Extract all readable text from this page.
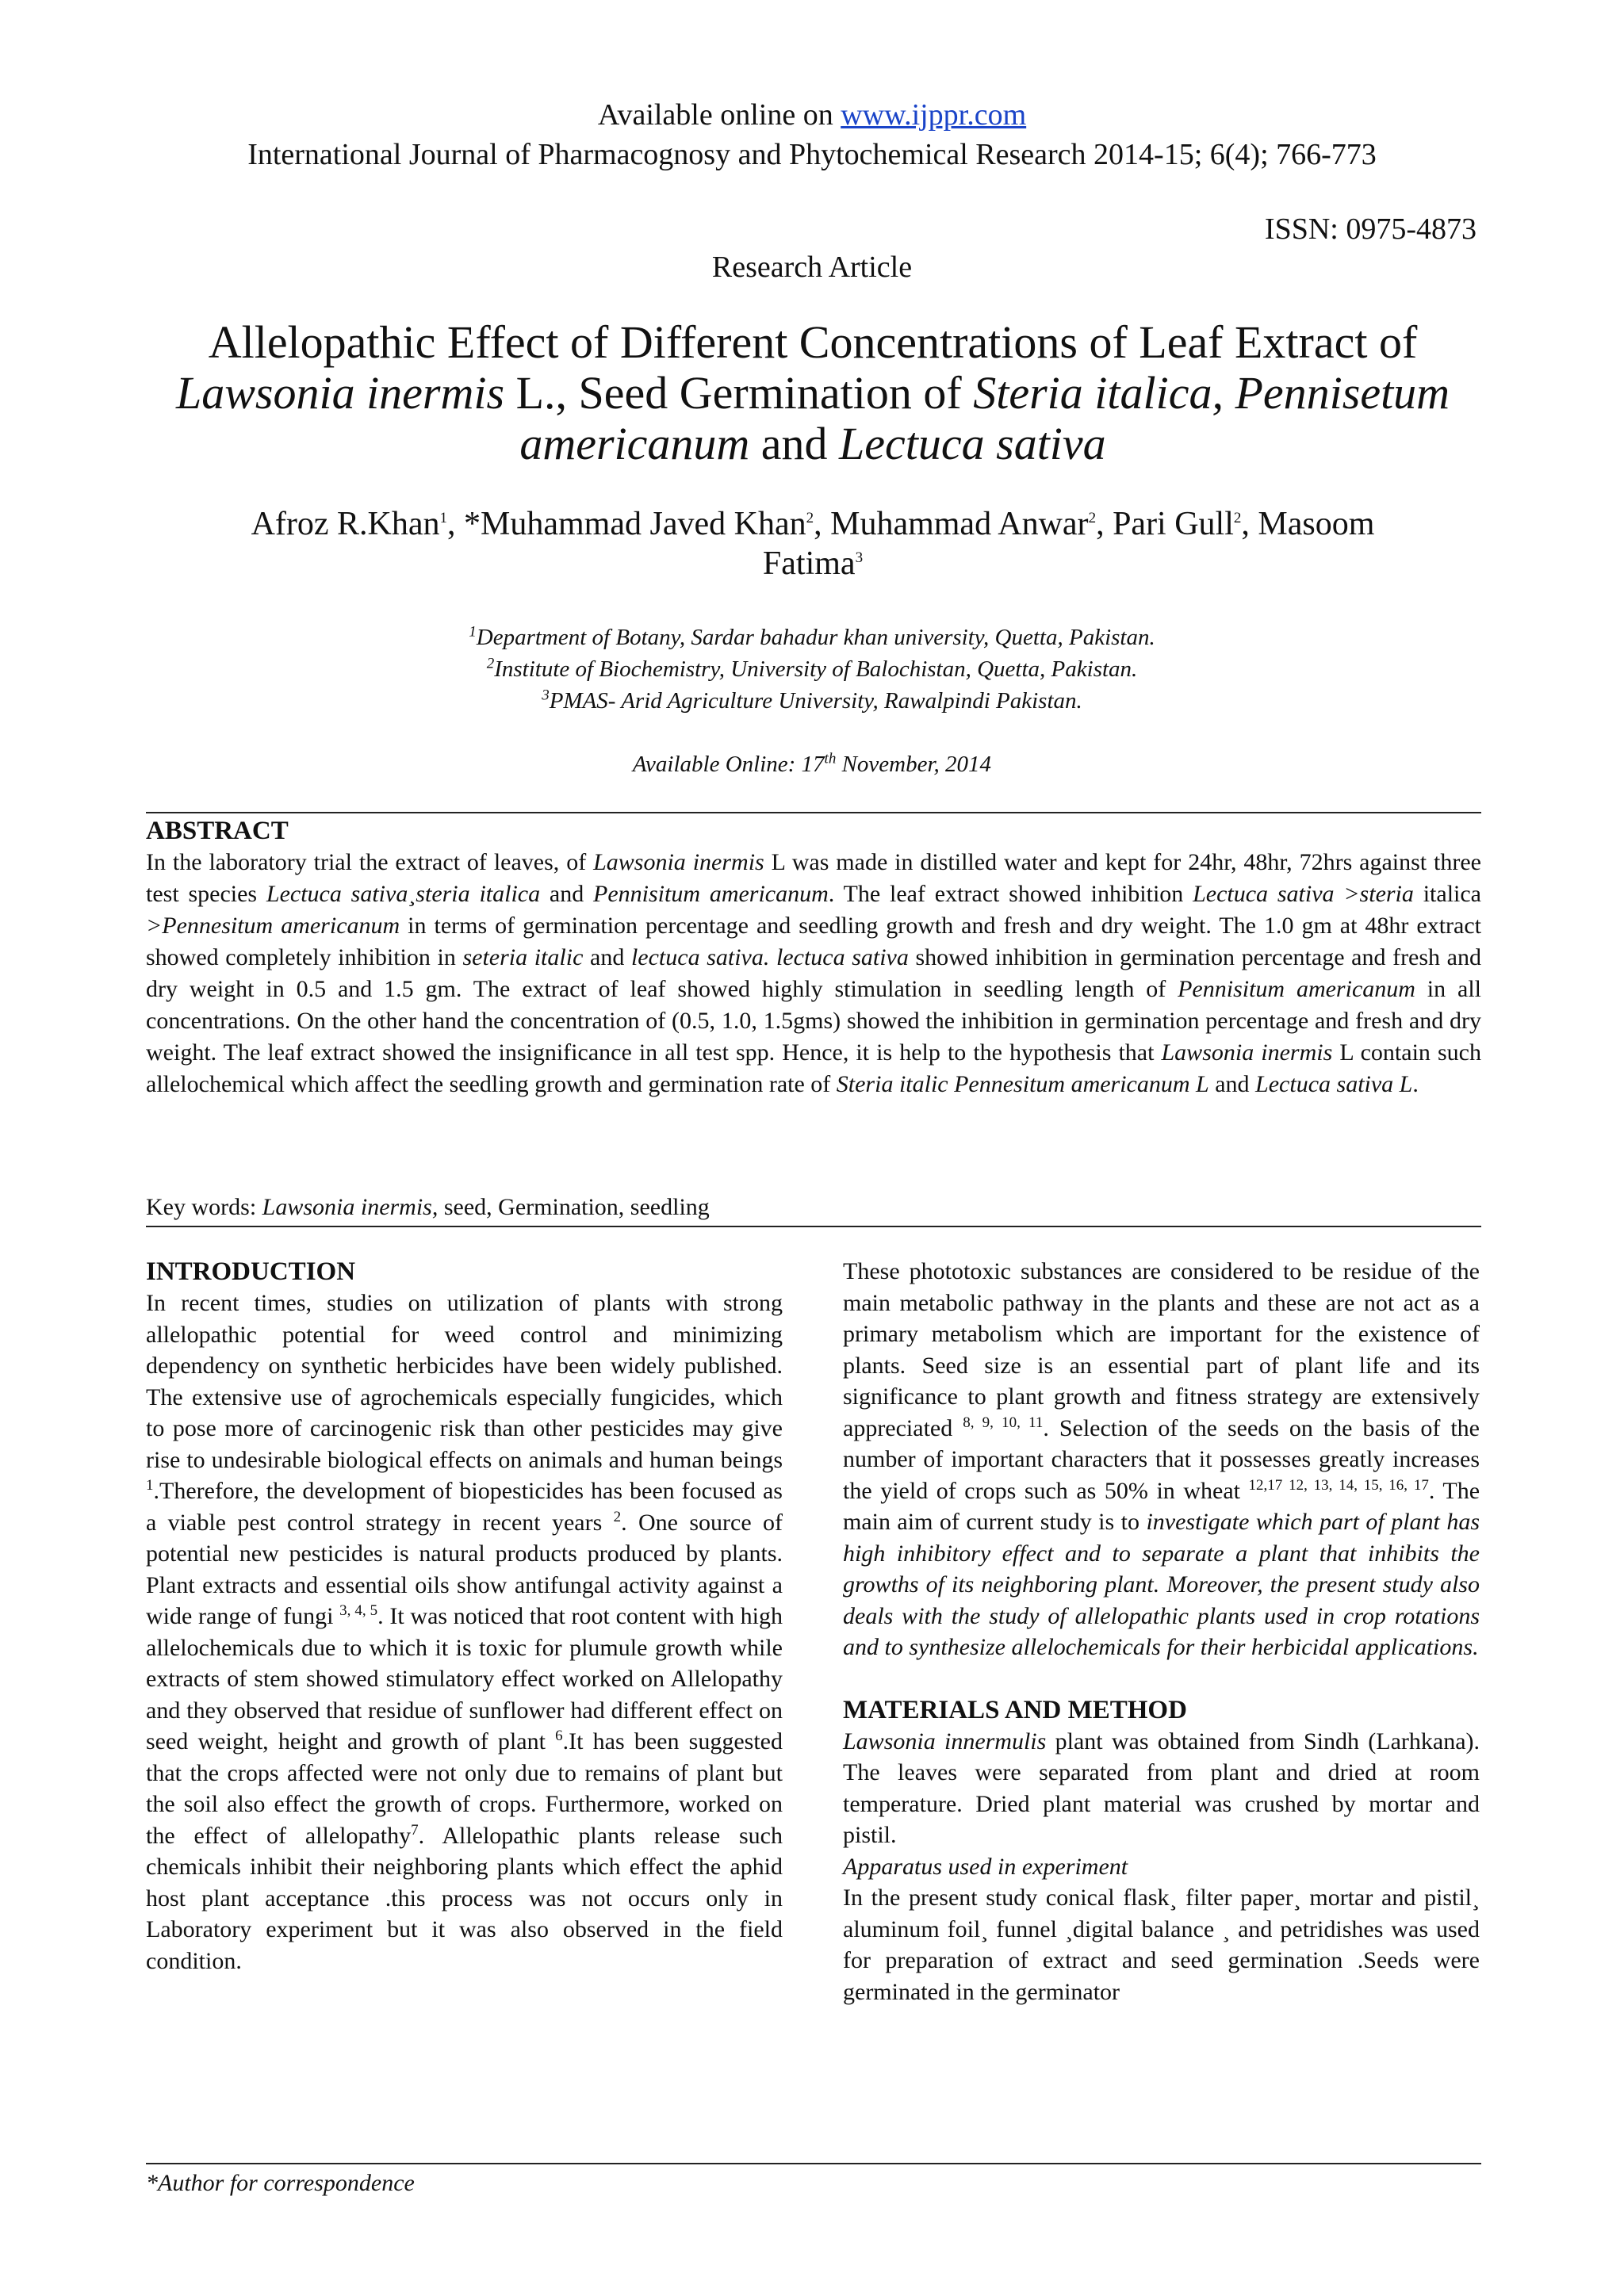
Available online on www.ijppr.com
International Journal of Pharmacognosy and Phytochemical Research 2014-15; 6(4); 766-773
ISSN: 0975-4873
Research Article
Allelopathic Effect of Different Concentrations of Leaf Extract of
Lawsonia inermis L., Seed Germination of Steria italica, Pennisetum
americanum and Lectuca sativa
Afroz R.Khan$^1$, *Muhammad Javed Khan$^2$, Muhammad Anwar$^2$, Pari Gull$^2$, Masoom
Fatima$^3$
$^1$Department of Botany, Sardar bahadur khan university, Quetta, Pakistan.
$^2$Institute of Biochemistry, University of Balochistan, Quetta, Pakistan.
$^3$PMAS- Arid Agriculture University, Rawalpindi Pakistan.
Available Online: 17th November, 2014
ABSTRACT
In the laboratory trial the extract of leaves, of Lawsonia inermis L was made in distilled water and kept for 24hr, 48hr, 72hrs against three test species Lectuca sativa¸steria italica and Pennisitum americanum. The leaf extract showed inhibition Lectuca sativa >steria italica >Pennesitum americanum in terms of germination percentage and seedling growth and fresh and dry weight. The 1.0 gm at 48hr extract showed completely inhibition in seteria italic and lectuca sativa. lectuca sativa showed inhibition in germination percentage and fresh and dry weight in 0.5 and 1.5 gm. The extract of leaf showed highly stimulation in seedling length of Pennisitum americanum in all concentrations. On the other hand the concentration of (0.5, 1.0, 1.5gms) showed the inhibition in germination percentage and fresh and dry weight. The leaf extract showed the insignificance in all test spp. Hence, it is help to the hypothesis that Lawsonia inermis L contain such allelochemical which affect the seedling growth and germination rate of Steria italic Pennesitum americanum L and Lectuca sativa L.
Key words: Lawsonia inermis, seed, Germination, seedling
INTRODUCTION

In recent times, studies on utilization of plants with strong allelopathic potential for weed control and minimizing dependency on synthetic herbicides have been widely published. The extensive use of agrochemicals especially fungicides, which to pose more of carcinogenic risk than other pesticides may give rise to undesirable biological effects on animals and human beings $^1$.Therefore, the development of biopesticides has been focused as a viable pest control strategy in recent years $^2$. One source of potential new pesticides is natural products produced by plants. Plant extracts and essential oils show antifungal activity against a wide range of fungi $^{3, 4, 5}$. It was noticed that root content with high allelochemicals due to which it is toxic for plumule growth while extracts of stem showed stimulatory effect worked on Allelopathy and they observed that residue of sunflower had different effect on seed weight, height and growth of plant $^6$.It has been suggested that the crops affected were not only due to remains of plant but the soil also effect the growth of crops. Furthermore, worked on the effect of allelopathy$^7$. Allelopathic plants release such chemicals inhibit their neighboring plants which effect the aphid host plant acceptance .this process was not occurs only in Laboratory experiment but it was also observed in the field condition.

These phototoxic substances are considered to be residue of the main metabolic pathway in the plants and these are not act as a primary metabolism which are important for the existence of plants. Seed size is an essential part of plant life and its significance to plant growth and fitness strategy are extensively appreciated $^{8, 9, 10, 11}$. Selection of the seeds on the basis of the number of important characters that it possesses greatly increases the yield of crops such as 50% in wheat $^{12,17 12, 13, 14, 15, 16, 17}$. The main aim of current study is to investigate which part of plant has high inhibitory effect and to separate a plant that inhibits the growths of its neighboring plant. Moreover, the present study also deals with the study of allelopathic plants used in crop rotations and to synthesize allelochemicals for their herbicidal applications.

MATERIALS AND METHOD

Lawsonia innermulis plant was obtained from Sindh (Larhkana). The leaves were separated from plant and dried at room temperature. Dried plant material was crushed by mortar and pistil.

Apparatus used in experiment

In the present study conical flask¸ filter paper¸ mortar and pistil¸ aluminum foil¸ funnel ¸digital balance ¸ and petridishes was used for preparation of extract and seed germination .Seeds were germinated in the germinator

*Author for correspondence
